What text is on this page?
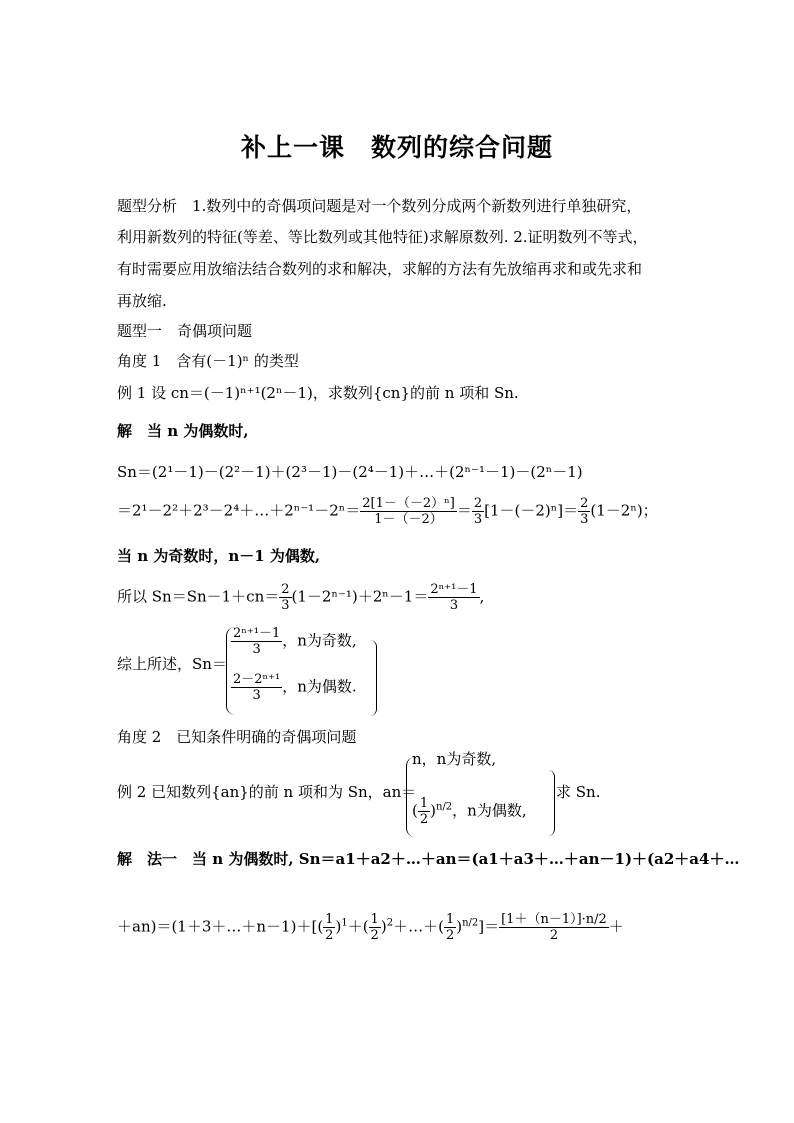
补上一课　数列的综合问题
题型分析　1.数列中的奇偶项问题是对一个数列分成两个新数列进行单独研究，
利用新数列的特征(等差、等比数列或其他特征)求解原数列. 2.证明数列不等式，
有时需要应用放缩法结合数列的求和解决，求解的方法有先放缩再求和或先求和
再放缩.
题型一　奇偶项问题
角度 1　含有(－1)ⁿ 的类型
例 1 设 cn＝(－1)ⁿ⁺¹(2ⁿ－1)，求数列{cn}的前 n 项和 Sn.
解　当 n 为偶数时,
Sn＝(2¹－1)－(2²－1)＋(2³－1)－(2⁴－1)＋…＋(2ⁿ⁻¹－1)－(2ⁿ－1)
＝2¹－2²＋2³－2⁴＋…＋2ⁿ⁻¹－2ⁿ＝ $\frac{\text{2[1－（－2）ⁿ]}}{1-(-2)} = \frac{2}{3} [1-(-2)^n]= \frac{2}{3} (1-2^n)$；
当 n 为奇数时，n－1 为偶数,
所以 $Sn=Sn-1+cn= \frac{2}{3} (1-2^{n-1})+2^n-1= \frac{\text{2ⁿ⁺¹－1}}{3}$ ,
综上所述，Sn＝
$\frac{\text{2ⁿ⁺¹－1}}{3}$ ，n为奇数,
$\frac{\text{2－2ⁿ⁺¹}}{3}$ ，n为偶数.
角度 2　已知条件明确的奇偶项问题
例 2 已知数列{an}的前 n 项和为 Sn，an＝
n，n为奇数,
( $\frac{1}{2} )^{n/2}$，n为偶数,
求 Sn.
解　法一　当 n 为偶数时, Sn＝a1＋a2＋…＋an＝(a1＋a3＋…＋an－1)＋(a2＋a4＋…
＋an)＝(1＋3＋…＋n－1)＋[( $\frac{1}{2} )^1+( \frac{1}{2}$ )$^2+\dots+( \frac{1}{2} )^{n/2}]= \frac{[1+(n-1)]\cdot n/2}{2}$ ＋
